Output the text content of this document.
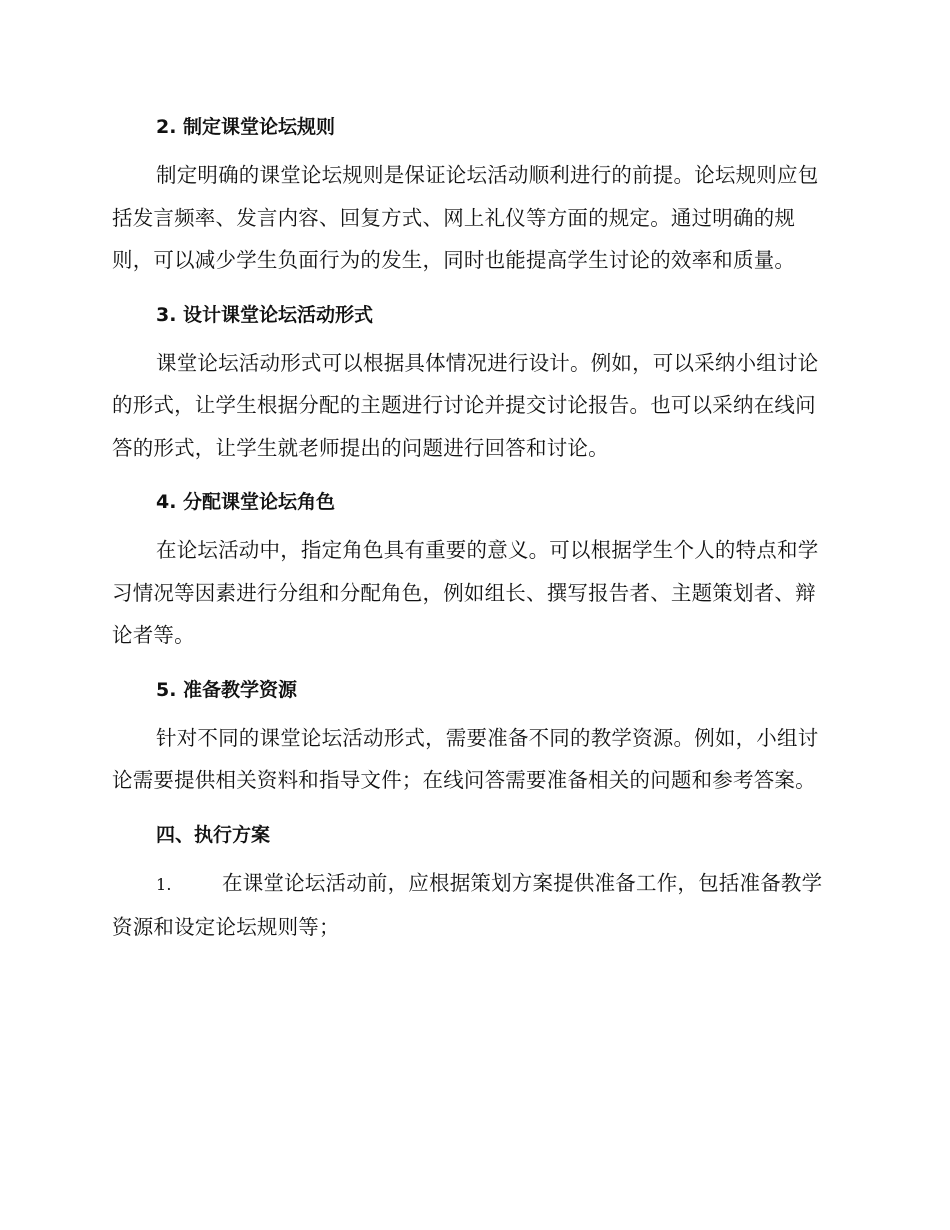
2. 制定课堂论坛规则

制定明确的课堂论坛规则是保证论坛活动顺利进行的前提。论坛规则应包括发言频率、发言内容、回复方式、网上礼仪等方面的规定。通过明确的规则，可以减少学生负面行为的发生，同时也能提高学生讨论的效率和质量。

3. 设计课堂论坛活动形式

课堂论坛活动形式可以根据具体情况进行设计。例如，可以采纳小组讨论的形式，让学生根据分配的主题进行讨论并提交讨论报告。也可以采纳在线问答的形式，让学生就老师提出的问题进行回答和讨论。

4. 分配课堂论坛角色

在论坛活动中，指定角色具有重要的意义。可以根据学生个人的特点和学习情况等因素进行分组和分配角色，例如组长、撰写报告者、主题策划者、辩论者等。

5. 准备教学资源

针对不同的课堂论坛活动形式，需要准备不同的教学资源。例如，小组讨论需要提供相关资料和指导文件；在线问答需要准备相关的问题和参考答案。

四、执行方案

1. 在课堂论坛活动前，应根据策划方案提供准备工作，包括准备教学资源和设定论坛规则等；
